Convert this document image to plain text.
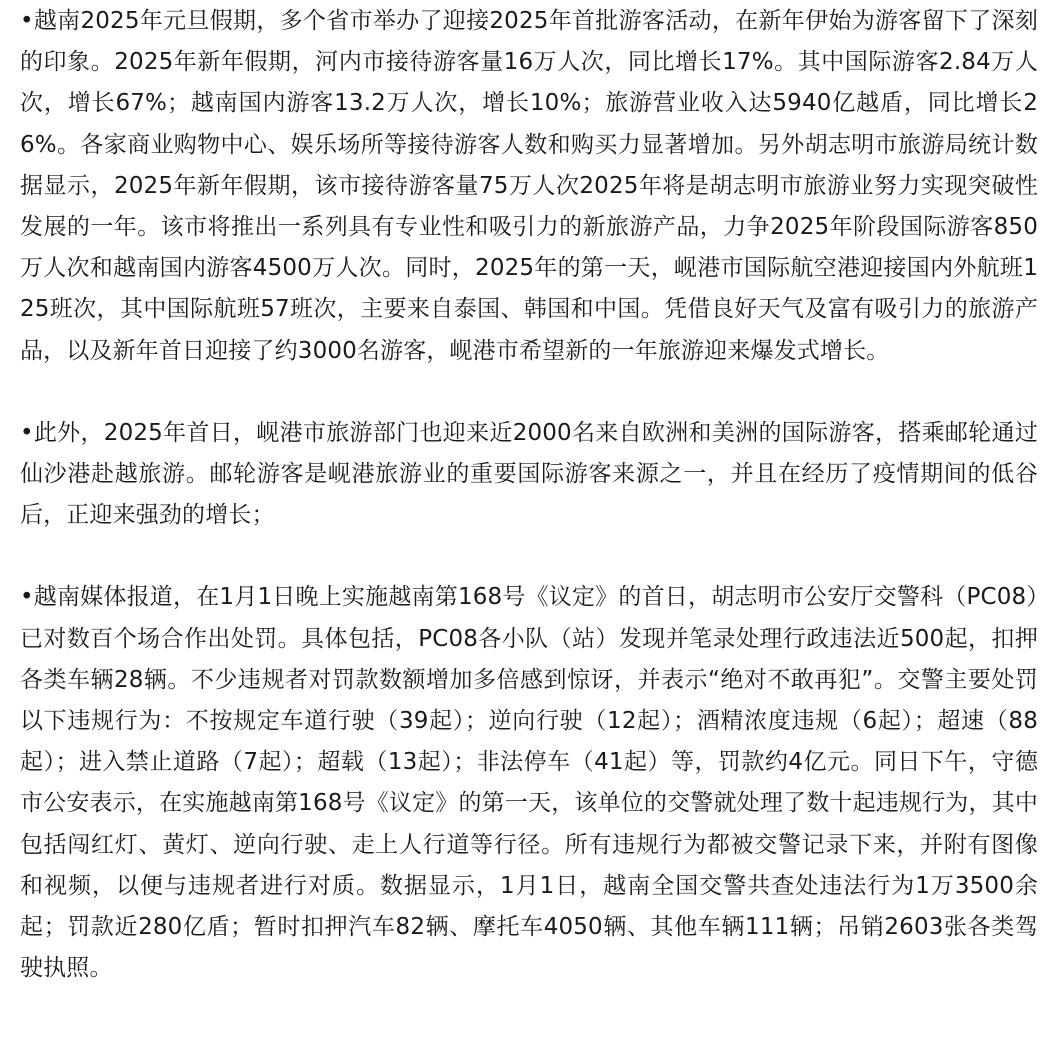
•越南2025年元旦假期，多个省市举办了迎接2025年首批游客活动，在新年伊始为游客留下了深刻的印象。2025年新年假期，河内市接待游客量16万人次，同比增长17%。其中国际游客2.84万人次，增长67%；越南国内游客13.2万人次，增长10%；旅游营业收入达5940亿越盾，同比增长26%。各家商业购物中心、娱乐场所等接待游客人数和购买力显著增加。另外胡志明市旅游局统计数据显示，2025年新年假期，该市接待游客量75万人次2025年将是胡志明市旅游业努力实现突破性发展的一年。该市将推出一系列具有专业性和吸引力的新旅游产品，力争2025年阶段国际游客850万人次和越南国内游客4500万人次。同时，2025年的第一天，岘港市国际航空港迎接国内外航班125班次，其中国际航班57班次，主要来自泰国、韩国和中国。凭借良好天气及富有吸引力的旅游产品，以及新年首日迎接了约3000名游客，岘港市希望新的一年旅游迎来爆发式增长。

•此外，2025年首日，岘港市旅游部门也迎来近2000名来自欧洲和美洲的国际游客，搭乘邮轮通过仙沙港赴越旅游。邮轮游客是岘港旅游业的重要国际游客来源之一，并且在经历了疫情期间的低谷后，正迎来强劲的增长；

•越南媒体报道，在1月1日晚上实施越南第168号《议定》的首日，胡志明市公安厅交警科（PC08）已对数百个场合作出处罚。具体包括，PC08各小队（站）发现并笔录处理行政违法近500起，扣押各类车辆28辆。不少违规者对罚款数额增加多倍感到惊讶，并表示“绝对不敢再犯”。交警主要处罚以下违规行为：不按规定车道行驶（39起）；逆向行驶（12起）；酒精浓度违规（6起）；超速（88起）；进入禁止道路（7起）；超载（13起）；非法停车（41起）等，罚款约4亿元。同日下午，守德市公安表示，在实施越南第168号《议定》的第一天，该单位的交警就处理了数十起违规行为，其中包括闯红灯、黄灯、逆向行驶、走上人行道等行径。所有违规行为都被交警记录下来，并附有图像和视频，以便与违规者进行对质。数据显示，1月1日，越南全国交警共查处违法行为1万3500余起；罚款近280亿盾；暂时扣押汽车82辆、摩托车4050辆、其他车辆111辆；吊销2603张各类驾驶执照。
